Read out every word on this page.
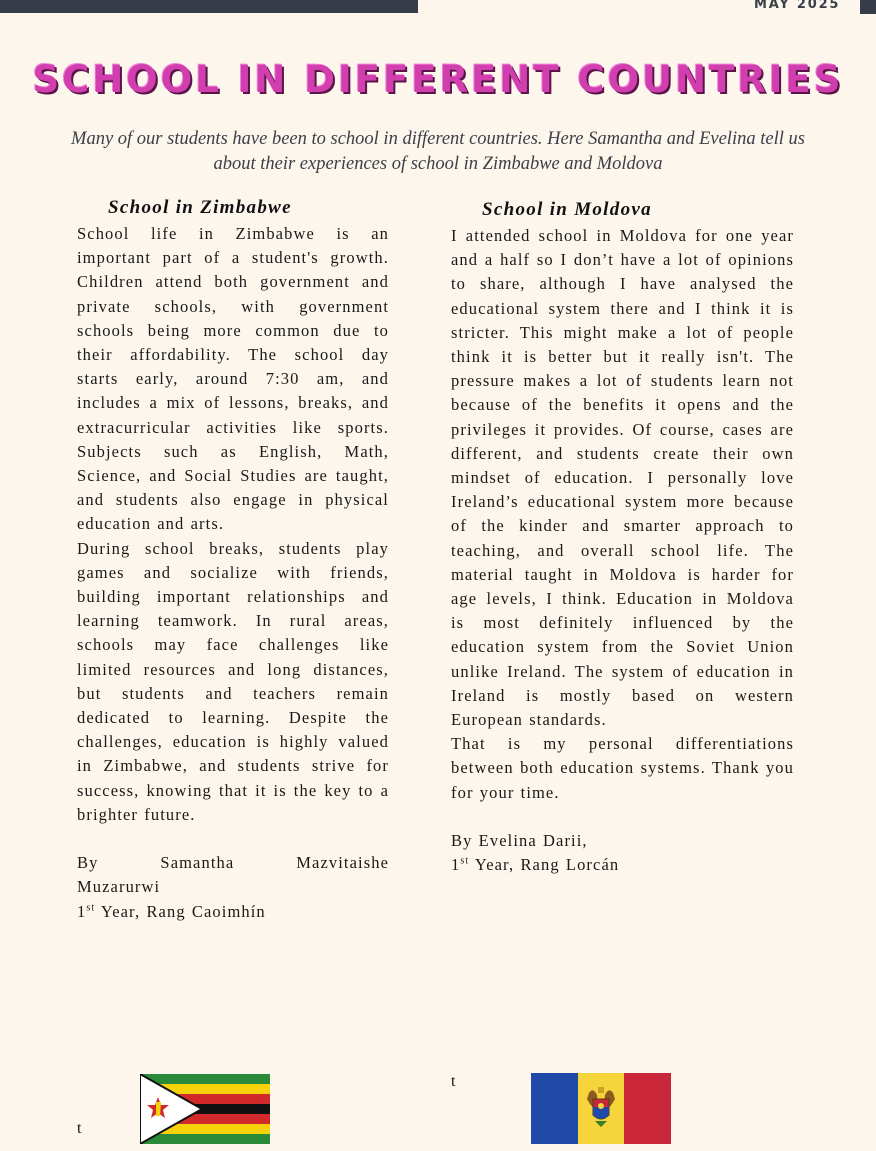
MAY 2025
SCHOOL IN DIFFERENT COUNTRIES
Many of our students have been to school in different countries. Here Samantha and Evelina tell us about their experiences of school in Zimbabwe and Moldova
School in Zimbabwe

School life in Zimbabwe is an important part of a student's growth. Children attend both government and private schools, with government schools being more common due to their affordability. The school day starts early, around 7:30 am, and includes a mix of lessons, breaks, and extracurricular activities like sports. Subjects such as English, Math, Science, and Social Studies are taught, and students also engage in physical education and arts.

During school breaks, students play games and socialize with friends, building important relationships and learning teamwork. In rural areas, schools may face challenges like limited resources and long distances, but students and teachers remain dedicated to learning. Despite the challenges, education is highly valued in Zimbabwe, and students strive for success, knowing that it is the key to a brighter future.

By Samantha Mazvitaishe

Muzarurwi

1st Year, Rang Caoimhín

School in Moldova

I attended school in Moldova for one year and a half so I don’t have a lot of opinions to share, although I have analysed the educational system there and I think it is stricter. This might make a lot of people think it is better but it really isn't. The pressure makes a lot of students learn not because of the benefits it opens and the privileges it provides. Of course, cases are different, and students create their own mindset of education. I personally love Ireland’s educational system more because of the kinder and smarter approach to teaching, and overall school life. The material taught in Moldova is harder for age levels, I think. Education in Moldova is most definitely influenced by the education system from the Soviet Union unlike Ireland. The system of education in Ireland is mostly based on western European standards.

That is my personal differentiations between both education systems. Thank you for your time.

By Evelina Darii,

1st Year, Rang Lorcán

t
t
